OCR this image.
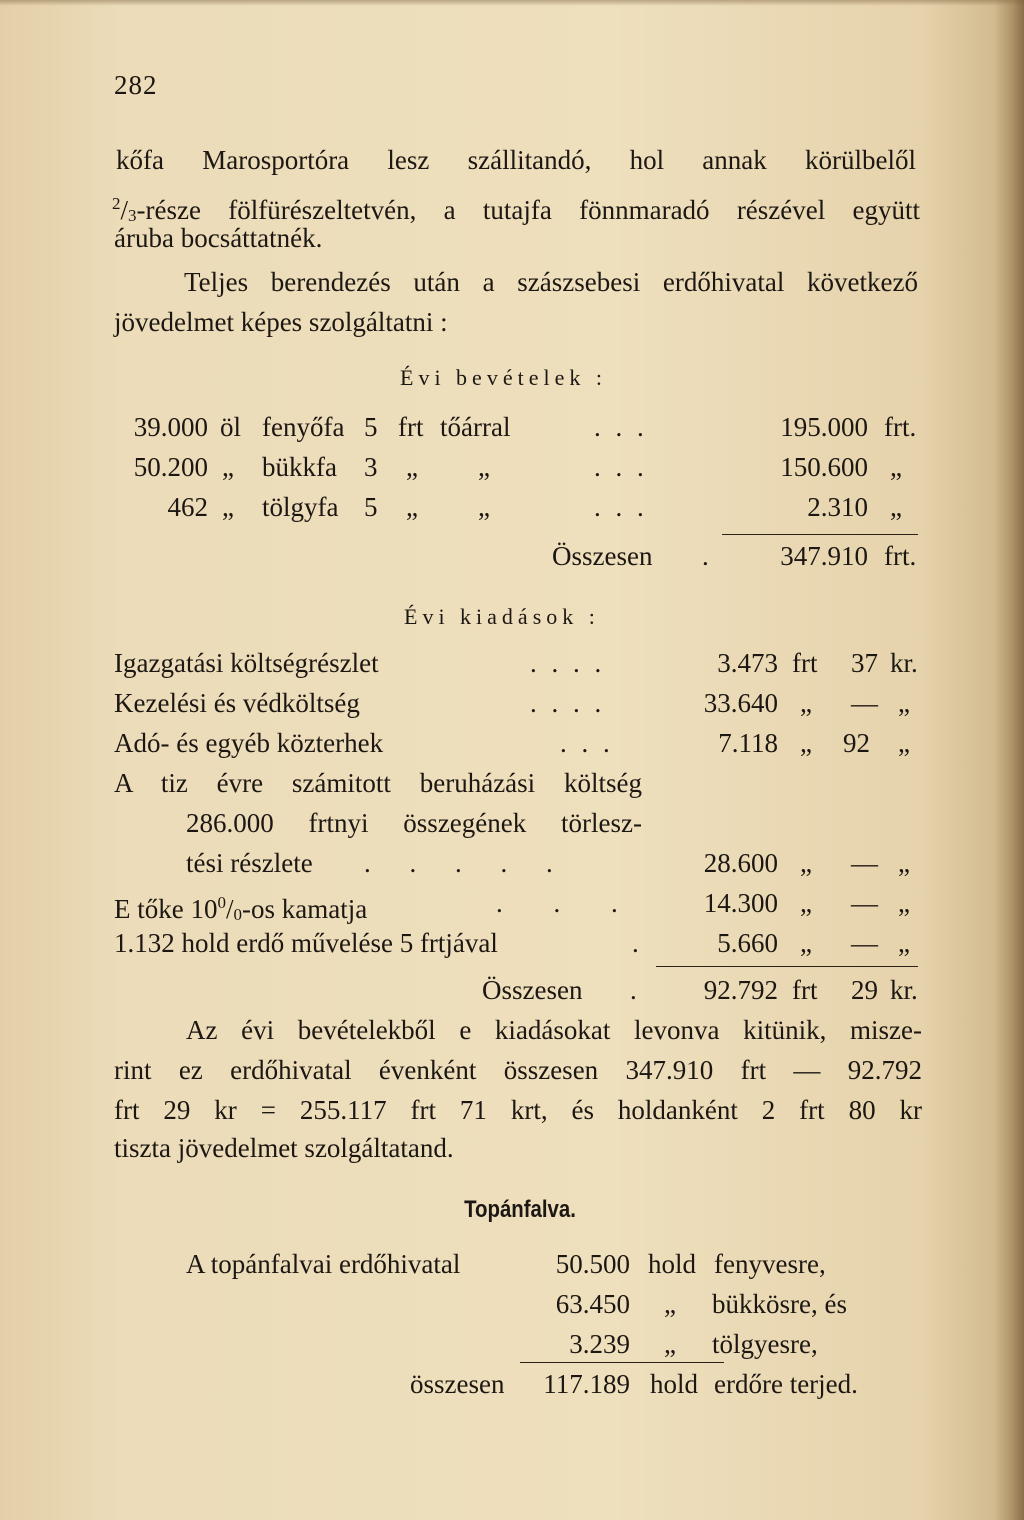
282
kőfa Marosportóra lesz szállitandó, hol annak körülbelől
$^2$/3-része fölfürészeltetvén, a tutajfa fönnmaradó részével együtt
áruba bocsáttatnék.
Teljes berendezés után a szászsebesi erdőhivatal következő
jövedelmet képes szolgáltatni :
Évi bevételek :
39.000 öl fenyőfa 5 frt tőárral	. . .	195.000 frt.
50.200 „ bükkfa 3 „ „	. . .	150.600 „
462 „ tölgyfa 5 „ „	. . .	2.310 „
Összesen .	347.910 frt.
Évi kiadások :
Igazgatási költségrészlet	. . . .	3.473 frt	37 kr.
Kezelési és védköltség	. . . .	33.640 „	— „
Adó- és egyéb közterhek	. . .	7.118 „	92 „
A tiz évre számitott beruházási költség
286.000 frtnyi összegének törlesz-
tési részlete . . . . .	28.600 „	— „
E tőke $10^0/0-os$ kamatja	. . .	14.300 „	— „
1.132 hold erdő művelése 5 frtjával	.	5.660 „	— „
Összesen .	92.792 frt	29 kr.
Az évi bevételekből e kiadásokat levonva kitünik, misze-
rint ez erdőhivatal évenként összesen 347.910 frt — 92.792
frt 29 kr = 255.117 frt 71 krt, és holdanként 2 frt 80 kr
tiszta jövedelmet szolgáltatand.
Topánfalva.
A topánfalvai erdőhivatal	50.500 hold fenyvesre,
63.450 „ bükkösre, és
3.239 „ tölgyesre,
összesen	117.189 hold erdőre terjed.
